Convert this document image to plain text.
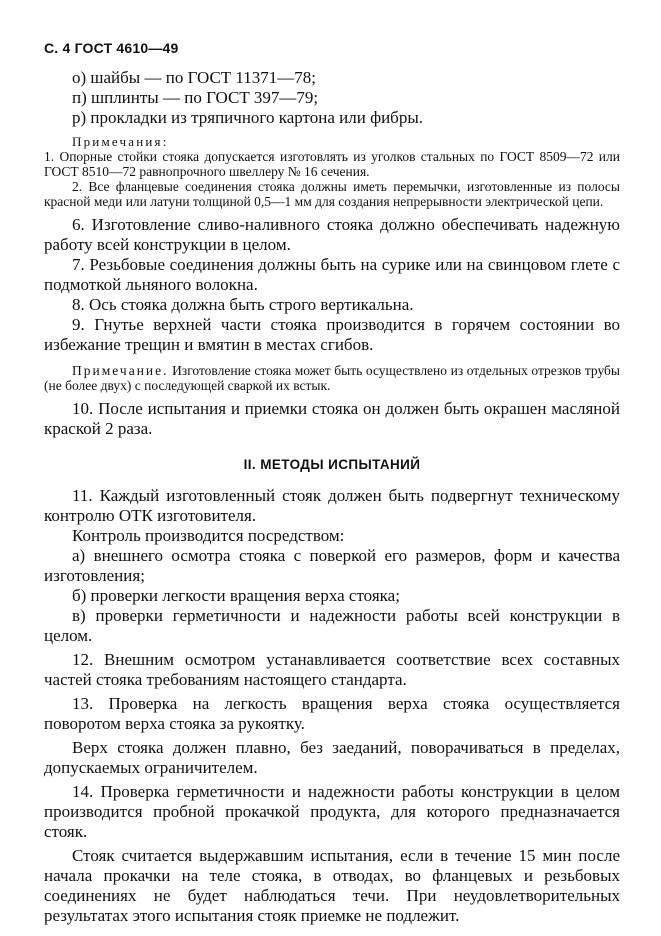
С. 4 ГОСТ 4610—49
о) шайбы — по ГОСТ 11371—78;
п) шплинты — по ГОСТ 397—79;
р) прокладки из тряпичного картона или фибры.
Примечания:
1. Опорные стойки стояка допускается изготовлять из уголков стальных по ГОСТ 8509—72 или ГОСТ 8510—72 равнопрочного швеллеру № 16 сечения.
2. Все фланцевые соединения стояка должны иметь перемычки, изготовленные из полосы красной меди или латуни толщиной 0,5—1 мм для создания непрерывности электрической цепи.
6. Изготовление сливо-наливного стояка должно обеспечивать надежную работу всей конструкции в целом.
7. Резьбовые соединения должны быть на сурике или на свинцовом глете с подмоткой льняного волокна.
8. Ось стояка должна быть строго вертикальна.
9. Гнутье верхней части стояка производится в горячем состоянии во избежание трещин и вмятин в местах сгибов.
Примечание. Изготовление стояка может быть осуществлено из отдельных отрезков трубы (не более двух) с последующей сваркой их встык.
10. После испытания и приемки стояка он должен быть окрашен масляной краской 2 раза.
II. МЕТОДЫ ИСПЫТАНИЙ
11. Каждый изготовленный стояк должен быть подвергнут техническому контролю ОТК изготовителя.
Контроль производится посредством:
а) внешнего осмотра стояка с поверкой его размеров, форм и качества изготовления;
б) проверки легкости вращения верха стояка;
в) проверки герметичности и надежности работы всей конструкции в целом.
12. Внешним осмотром устанавливается соответствие всех составных частей стояка требованиям настоящего стандарта.
13. Проверка на легкость вращения верха стояка осуществляется поворотом верха стояка за рукоятку.
Верх стояка должен плавно, без заеданий, поворачиваться в пределах, допускаемых ограничителем.
14. Проверка герметичности и надежности работы конструкции в целом производится пробной прокачкой продукта, для которого предназначается стояк.
Стояк считается выдержавшим испытания, если в течение 15 мин после начала прокачки на теле стояка, в отводах, во фланцевых и резьбовых соединениях не будет наблюдаться течи. При неудовлетворительных результатах этого испытания стояк приемке не подлежит.
